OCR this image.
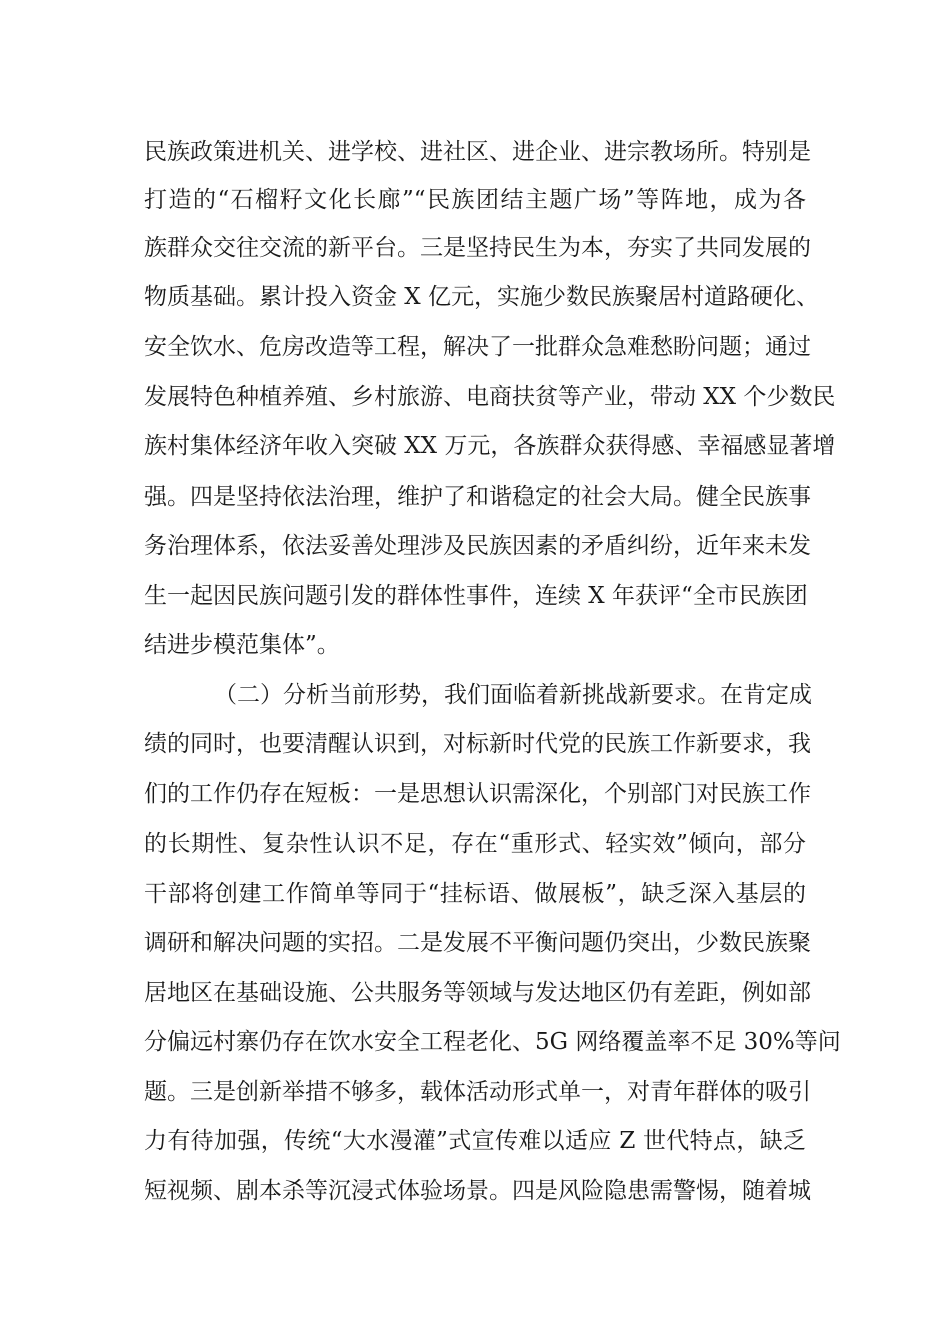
民族政策进机关、进学校、进社区、进企业、进宗教场所。特别是
打造的“石榴籽文化长廊”“民族团结主题广场”等阵地，成为各
族群众交往交流的新平台。三是坚持民生为本，夯实了共同发展的
物质基础。累计投入资金 X 亿元，实施少数民族聚居村道路硬化、
安全饮水、危房改造等工程，解决了一批群众急难愁盼问题；通过
发展特色种植养殖、乡村旅游、电商扶贫等产业，带动 XX 个少数民
族村集体经济年收入突破 XX 万元，各族群众获得感、幸福感显著增
强。四是坚持依法治理，维护了和谐稳定的社会大局。健全民族事
务治理体系，依法妥善处理涉及民族因素的矛盾纠纷，近年来未发
生一起因民族问题引发的群体性事件，连续 X 年获评“全市民族团
结进步模范集体”。
（二）分析当前形势，我们面临着新挑战新要求。在肯定成
绩的同时，也要清醒认识到，对标新时代党的民族工作新要求，我
们的工作仍存在短板：一是思想认识需深化，个别部门对民族工作
的长期性、复杂性认识不足，存在“重形式、轻实效”倾向，部分
干部将创建工作简单等同于“挂标语、做展板”，缺乏深入基层的
调研和解决问题的实招。二是发展不平衡问题仍突出，少数民族聚
居地区在基础设施、公共服务等领域与发达地区仍有差距，例如部
分偏远村寨仍存在饮水安全工程老化、5G 网络覆盖率不足 30%等问
题。三是创新举措不够多，载体活动形式单一，对青年群体的吸引
力有待加强，传统“大水漫灌”式宣传难以适应 Z 世代特点，缺乏
短视频、剧本杀等沉浸式体验场景。四是风险隐患需警惕，随着城
